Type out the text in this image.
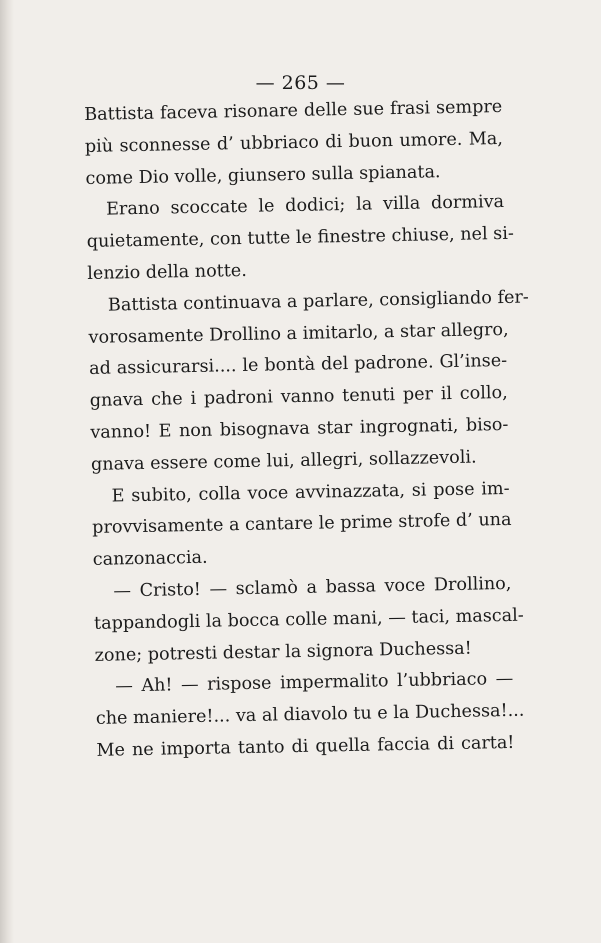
— 265 —
Battista faceva risonare delle sue frasi sempre
più sconnesse d’ ubbriaco di buon umore. Ma,
come Dio volle, giunsero sulla spianata.
Erano scoccate le dodici; la villa dormiva
quietamente, con tutte le finestre chiuse, nel si-
lenzio della notte.
Battista continuava a parlare, consigliando fer-
vorosamente Drollino a imitarlo, a star allegro,
ad assicurarsi.... le bontà del padrone. Gl’inse-
gnava che i padroni vanno tenuti per il collo,
vanno! E non bisognava star ingrognati, biso-
gnava essere come lui, allegri, sollazzevoli.
E subito, colla voce avvinazzata, si pose im-
provvisamente a cantare le prime strofe d’ una
canzonaccia.
— Cristo! — sclamò a bassa voce Drollino,
tappandogli la bocca colle mani, — taci, mascal-
zone; potresti destar la signora Duchessa!
— Ah! — rispose impermalito l’ubbriaco —
che maniere!... va al diavolo tu e la Duchessa!...
Me ne importa tanto di quella faccia di carta!
